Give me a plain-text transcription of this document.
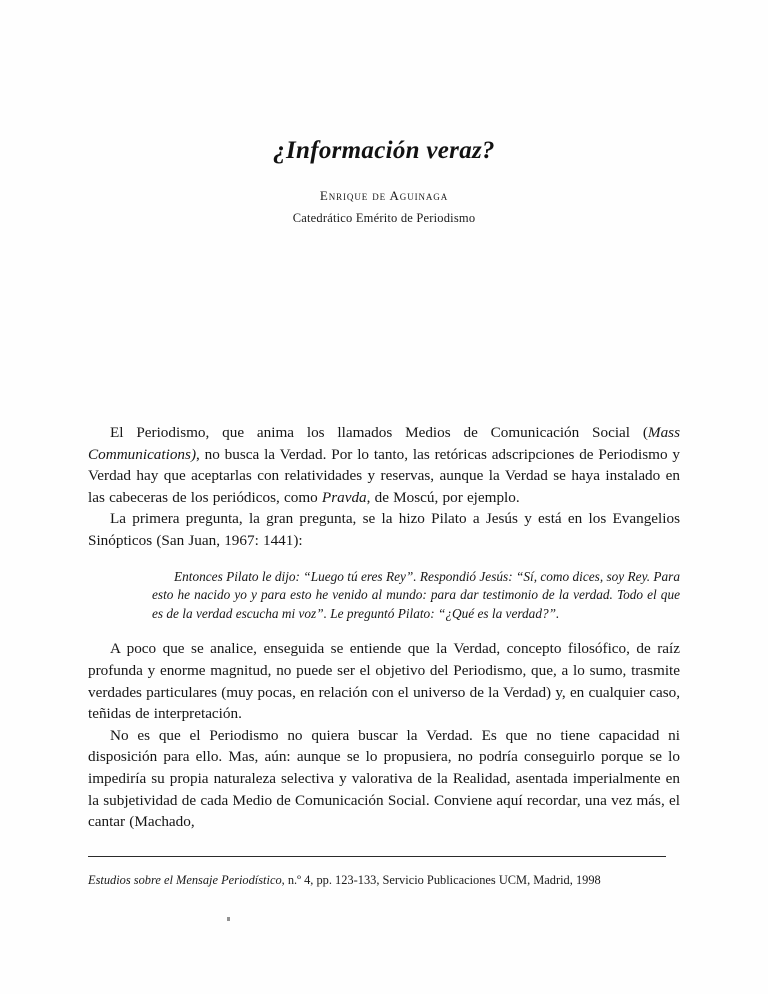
¿Información veraz?
Enrique de Aguinaga
Catedrático Emérito de Periodismo

El Periodismo, que anima los llamados Medios de Comunicación Social (Mass Communications), no busca la Verdad. Por lo tanto, las retóricas adscripciones de Periodismo y Verdad hay que aceptarlas con relatividades y reservas, aunque la Verdad se haya instalado en las cabeceras de los periódicos, como Pravda, de Moscú, por ejemplo.

La primera pregunta, la gran pregunta, se la hizo Pilato a Jesús y está en los Evangelios Sinópticos (San Juan, 1967: 1441):

Entonces Pilato le dijo: “Luego tú eres Rey”. Respondió Jesús: “Sí, como dices, soy Rey. Para esto he nacido yo y para esto he venido al mundo: para dar testimonio de la verdad. Todo el que es de la verdad escucha mi voz”. Le preguntó Pilato: “¿Qué es la verdad?”.

A poco que se analice, enseguida se entiende que la Verdad, concepto filosófico, de raíz profunda y enorme magnitud, no puede ser el objetivo del Periodismo, que, a lo sumo, trasmite verdades particulares (muy pocas, en relación con el universo de la Verdad) y, en cualquier caso, teñidas de interpretación.

No es que el Periodismo no quiera buscar la Verdad. Es que no tiene capacidad ni disposición para ello. Mas, aún: aunque se lo propusiera, no podría conseguirlo porque se lo impediría su propia naturaleza selectiva y valorativa de la Realidad, asentada imperialmente en la subjetividad de cada Medio de Comunicación Social. Conviene aquí recordar, una vez más, el cantar (Machado,

Estudios sobre el Mensaje Periodístico, n.º 4, pp. 123-133, Servicio Publicaciones UCM, Madrid, 1998
